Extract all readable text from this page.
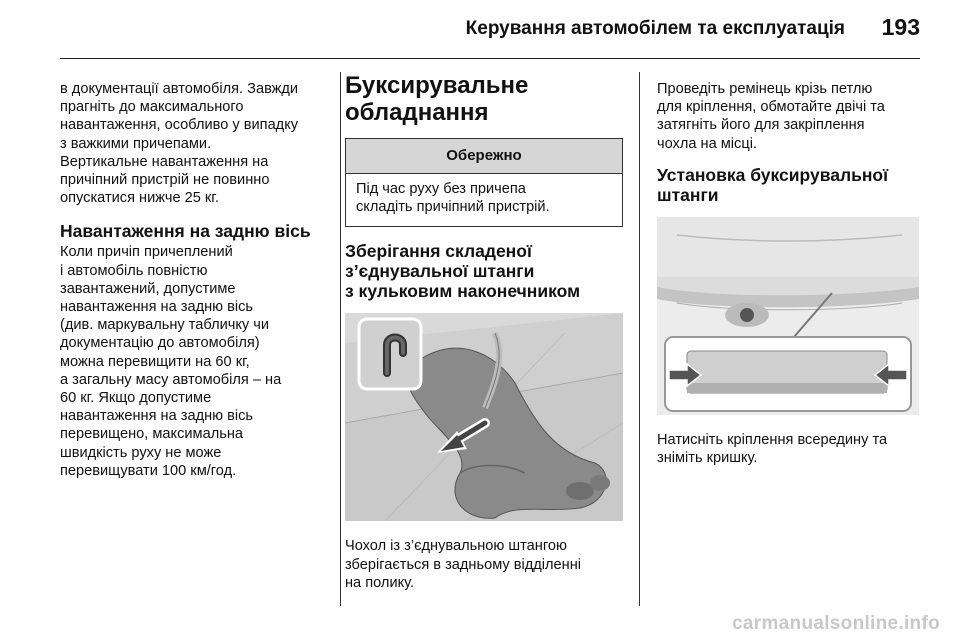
Керування автомобілем та експлуатація 193
в документації автомобіля. Завжди
прагніть до максимального
навантаження, особливо у випадку
з важкими причепами.
Вертикальне навантаження на
причіпний пристрій не повинно
опускатися нижче 25 кг.
Навантаження на задню вісь
Коли причіп причеплений
і автомобіль повністю
завантажений, допустиме
навантаження на задню вісь
(див. маркувальну табличку чи
документацію до автомобіля)
можна перевищити на 60 кг,
а загальну масу автомобіля – на
60 кг. Якщо допустиме
навантаження на задню вісь
перевищено, максимальна
швидкість руху не може
перевищувати 100 км/год.
Буксирувальне
обладнання
Обережно
Під час руху без причепа
складіть причіпний пристрій.
Зберігання складеної
з’єднувальної штанги
з кульковим наконечником
Чохол із з’єднувальною штангою
зберігається в задньому відділенні
на полику.
Проведіть ремінець крізь петлю
для кріплення, обмотайте двічі та
затягніть його для закріплення
чохла на місці.
Установка буксирувальної
штанги
Натисніть кріплення всередину та
зніміть кришку.
carmanualsonline.info
